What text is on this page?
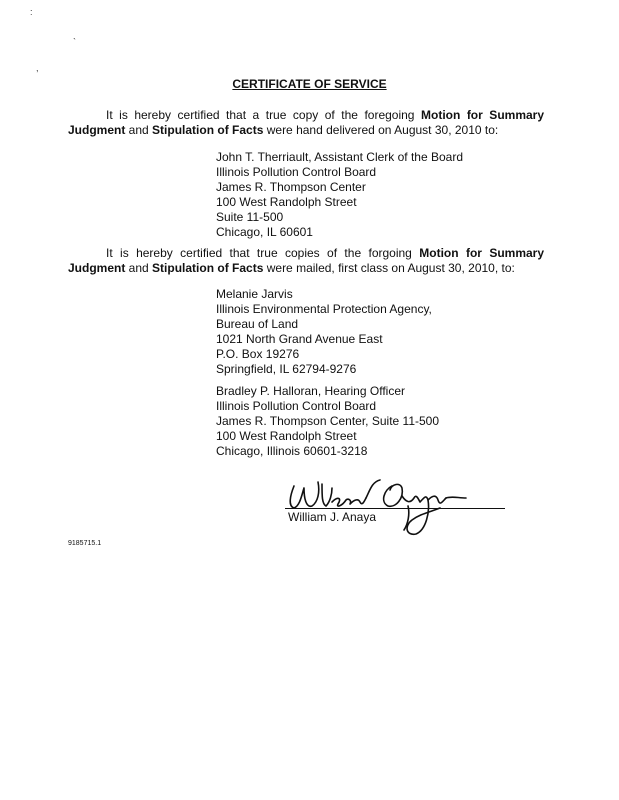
:
`
,
CERTIFICATE OF SERVICE

It is hereby certified that a true copy of the foregoing Motion for Summary Judgment and Stipulation of Facts were hand delivered on August 30, 2010 to:

John T. Therriault, Assistant Clerk of the Board
Illinois Pollution Control Board
James R. Thompson Center
100 West Randolph Street
Suite 11-500
Chicago, IL 60601

It is hereby certified that true copies of the forgoing Motion for Summary Judgment and Stipulation of Facts were mailed, first class on August 30, 2010, to:

Melanie Jarvis
Illinois Environmental Protection Agency,
Bureau of Land
1021 North Grand Avenue East
P.O. Box 19276
Springfield, IL 62794-9276
Bradley P. Halloran, Hearing Officer
Illinois Pollution Control Board
James R. Thompson Center, Suite 11-500
100 West Randolph Street
Chicago, Illinois 60601-3218
William J. Anaya
9185715.1
